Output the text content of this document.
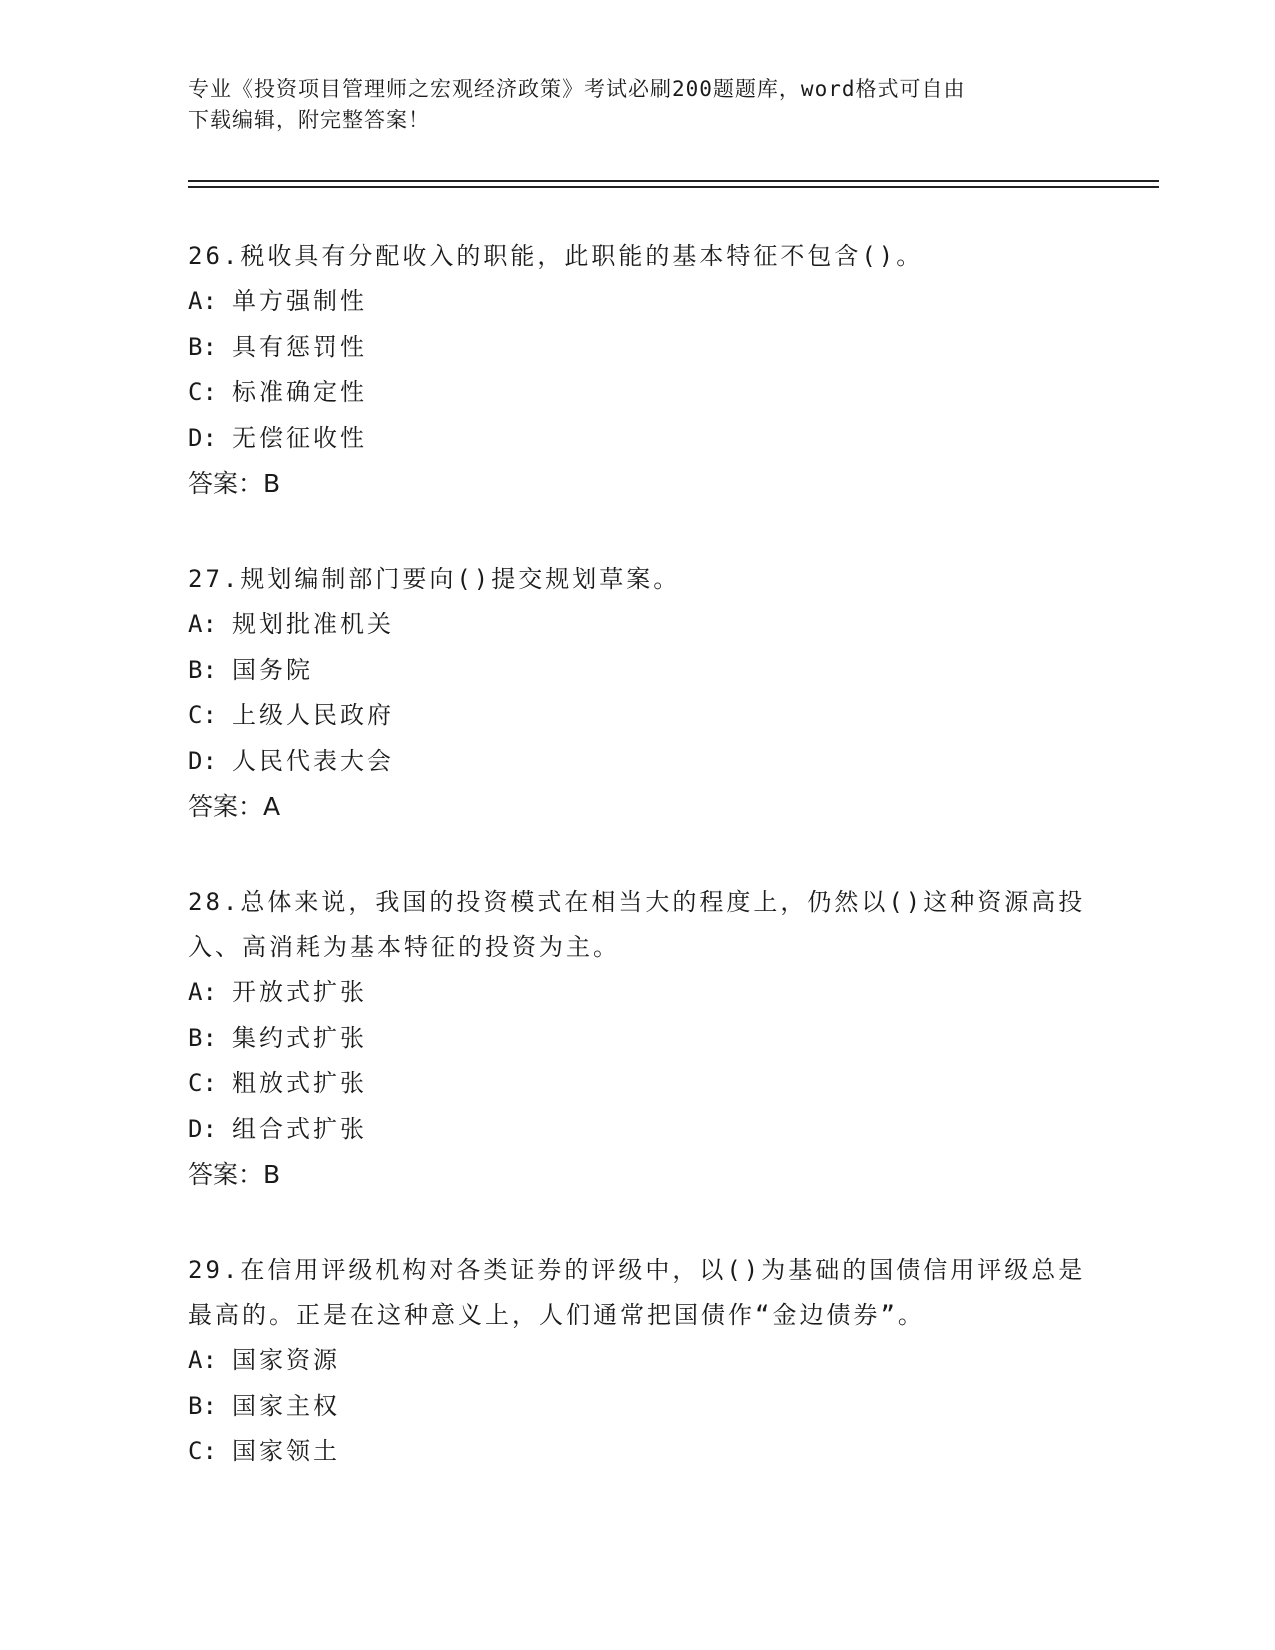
专业《投资项目管理师之宏观经济政策》考试必刷200题题库，word格式可自由
下载编辑，附完整答案！
26.税收具有分配收入的职能，此职能的基本特征不包含()。
A: 单方强制性
B: 具有惩罚性
C: 标准确定性
D: 无偿征收性
答案：B
27.规划编制部门要向()提交规划草案。
A: 规划批准机关
B: 国务院
C: 上级人民政府
D: 人民代表大会
答案：A
28.总体来说，我国的投资模式在相当大的程度上，仍然以()这种资源高投入、高消耗为基本特征的投资为主。
A: 开放式扩张
B: 集约式扩张
C: 粗放式扩张
D: 组合式扩张
答案：B
29.在信用评级机构对各类证券的评级中，以()为基础的国债信用评级总是最高的。正是在这种意义上，人们通常把国债作“金边债券”。
A: 国家资源
B: 国家主权
C: 国家领土
